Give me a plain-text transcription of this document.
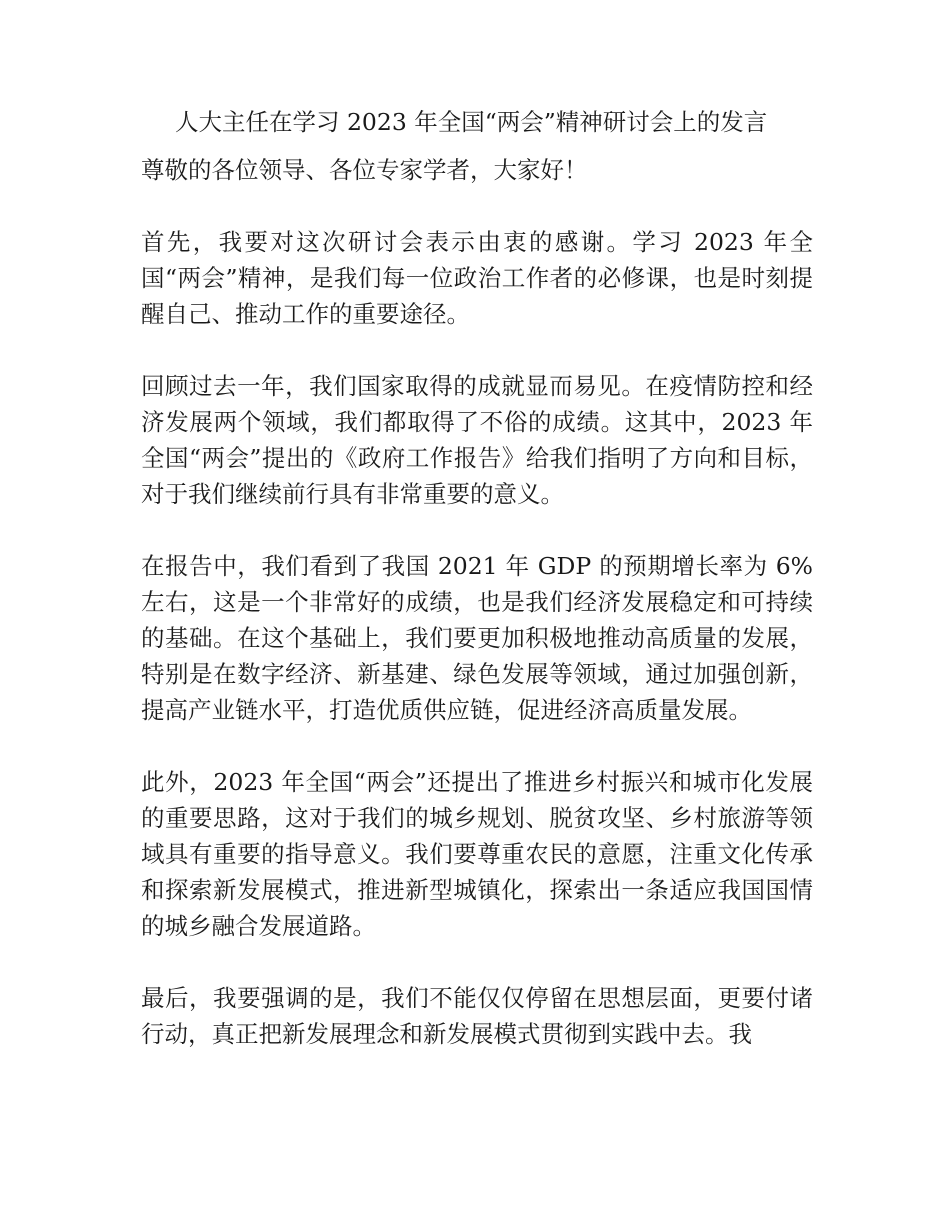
人大主任在学习 2023 年全国“两会”精神研讨会上的发言

尊敬的各位领导、各位专家学者，大家好！

首先，我要对这次研讨会表示由衷的感谢。学习 2023 年全国“两会”精神，是我们每一位政治工作者的必修课，也是时刻提醒自己、推动工作的重要途径。

回顾过去一年，我们国家取得的成就显而易见。在疫情防控和经济发展两个领域，我们都取得了不俗的成绩。这其中，2023 年全国“两会”提出的《政府工作报告》给我们指明了方向和目标，对于我们继续前行具有非常重要的意义。

在报告中，我们看到了我国 2021 年 GDP 的预期增长率为 6% 左右，这是一个非常好的成绩，也是我们经济发展稳定和可持续的基础。在这个基础上，我们要更加积极地推动高质量的发展，特别是在数字经济、新基建、绿色发展等领域，通过加强创新，提高产业链水平，打造优质供应链，促进经济高质量发展。

此外，2023 年全国“两会”还提出了推进乡村振兴和城市化发展的重要思路，这对于我们的城乡规划、脱贫攻坚、乡村旅游等领域具有重要的指导意义。我们要尊重农民的意愿，注重文化传承和探索新发展模式，推进新型城镇化，探索出一条适应我国国情的城乡融合发展道路。

最后，我要强调的是，我们不能仅仅停留在思想层面，更要付诸行动，真正把新发展理念和新发展模式贯彻到实践中去。我
